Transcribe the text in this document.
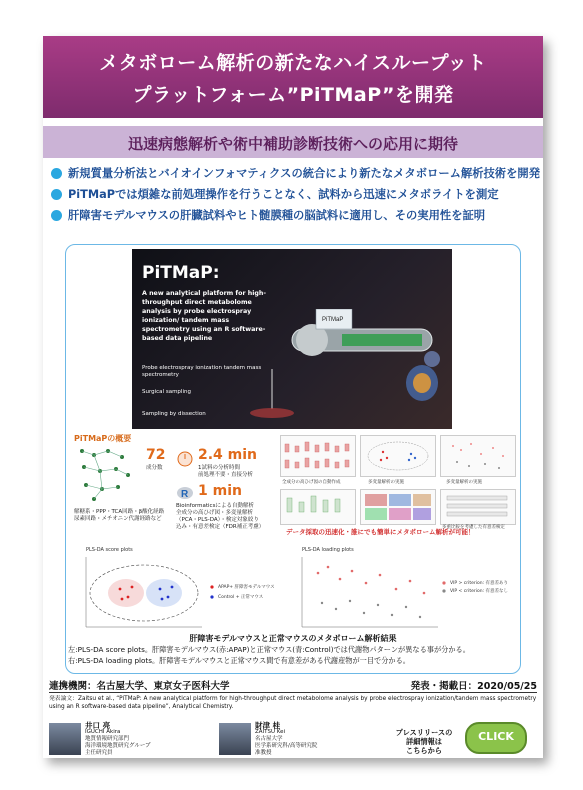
メタボローム解析の新たなハイスループット
プラットフォーム”PiTMaP”を開発
迅速病態解析や術中補助診断技術への応用に期待
新規質量分析法とバイオインフォマティクスの統合により新たなメタボローム解析技術を開発
PiTMaPでは煩雑な前処理操作を行うことなく、試料から迅速にメタボライトを測定
肝障害モデルマウスの肝臓試料やヒト髄膜種の脳試料に適用し、その実用性を証明
PiTMaP:
A new analytical platform for high-throughput direct metabolome analysis by probe electrospray ionization/ tandem mass spectrometry using an R software-based data pipeline
Probe electrospray ionization tandem mass spectrometry
Surgical sampling
Sampling by dissection
PiTMaP
PiTMaPの概要
72
成分数
2.4 min
1試料の分析時間
前処理不要・直接分析
R 1 min
Bioinformaticsによる自動解析
全成分の高ひげ図・多変量解析
（PCA・PLS-DA）・検定対象絞り
込み・有意差検定（FDR補正考慮）
解糖系・PPP・TCA回路・β酸化経路
尿素回路・メチオニン代謝経路など
全成分の高ひげ図の自動作成	多変量解析の実施	多変量解析の実施
多重比較を考慮した有意差検定
データ採取の迅速化・誰にでも簡単にメタボローム解析が可能！
PLS-DA score plots
APAP+ 肝障害モデルマウス
Control + 正常マウス
PLS-DA loading plots
VIP > criterion: 有意差あり
VIP < criterion: 有意差なし
肝障害モデルマウスと正常マウスのメタボローム解析結果
左:PLS-DA score plots。肝障害モデルマウス(赤:APAP)と正常マウス(青:Control)では代謝物パターンが異なる事が分かる。
右:PLS-DA loading plots。肝障害モデルマウスと正常マウス間で有意差がある代謝産物が一目で分かる。
連携機関：名古屋大学、東京女子医科大学	発表・掲載日：2020/05/25
発表論文：Zaitsu et al., “PiTMaP: A new analytical platform for high-throughput direct metabolome analysis by probe electrospray ionization/tandem mass spectrometry using an R software-based data pipeline”, Analytical Chemistry.
井口 亮
IGUCHI Akira
地質情報研究部門
海洋環境地質研究グループ
主任研究員
財津 桂
ZAITSU Kei
名古屋大学
医学系研究科/高等研究院
准教授
プレスリリースの
詳細情報は
こちらから
CLICK
